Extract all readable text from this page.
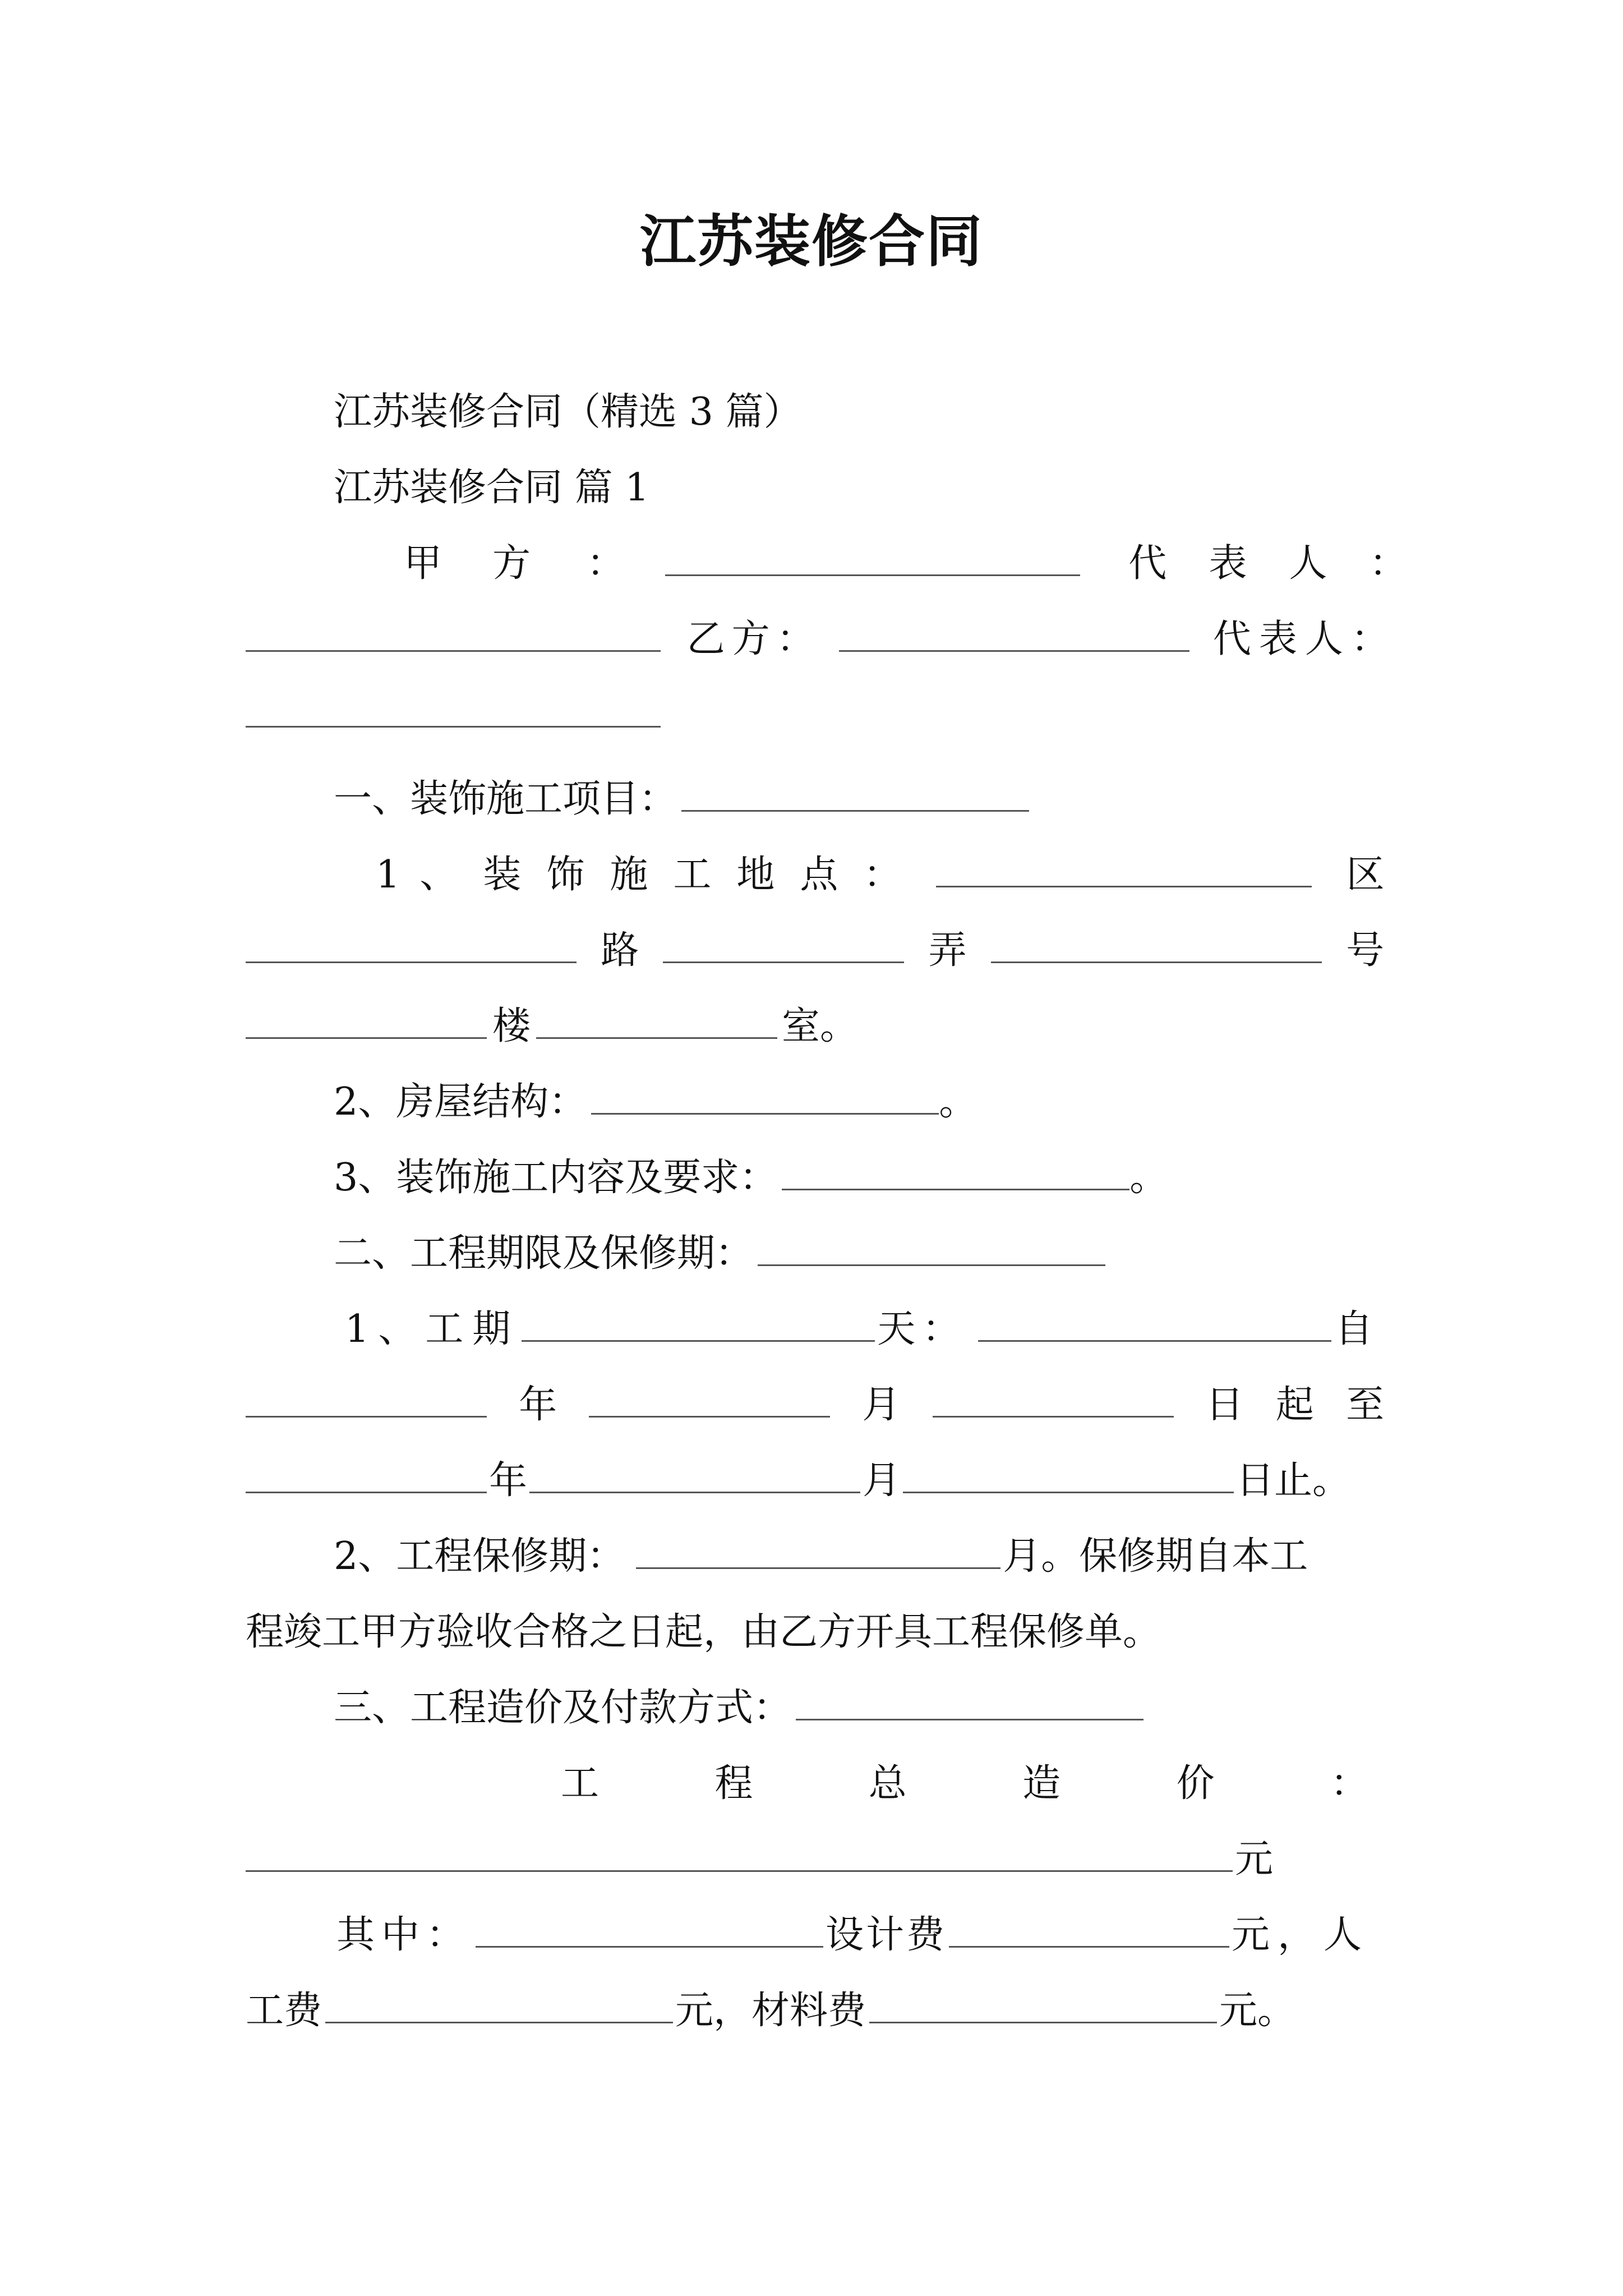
江苏装修合同
江苏装修合同（精选 3 篇）
江苏装修合同 篇 1
甲 方 ：	代 表 人 ：
乙方：	代表人：
一、装饰施工项目：
1 、 装 饰 施 工 地 点 ：	区
路	弄	号
楼	室。
2、房屋结构：	。
3、装饰施工内容及要求：	。
二、工程期限及保修期：
1、工期	天：	自
年	月	日 起 至
年	月	日止。
2、工程保修期：	月。保修期自本工
程竣工甲方验收合格之日起，由乙方开具工程保修单。
三、工程造价及付款方式：
工	程	总	造	价	：
元
其中：	设计费	元，人
工费	元，材料费	元。
